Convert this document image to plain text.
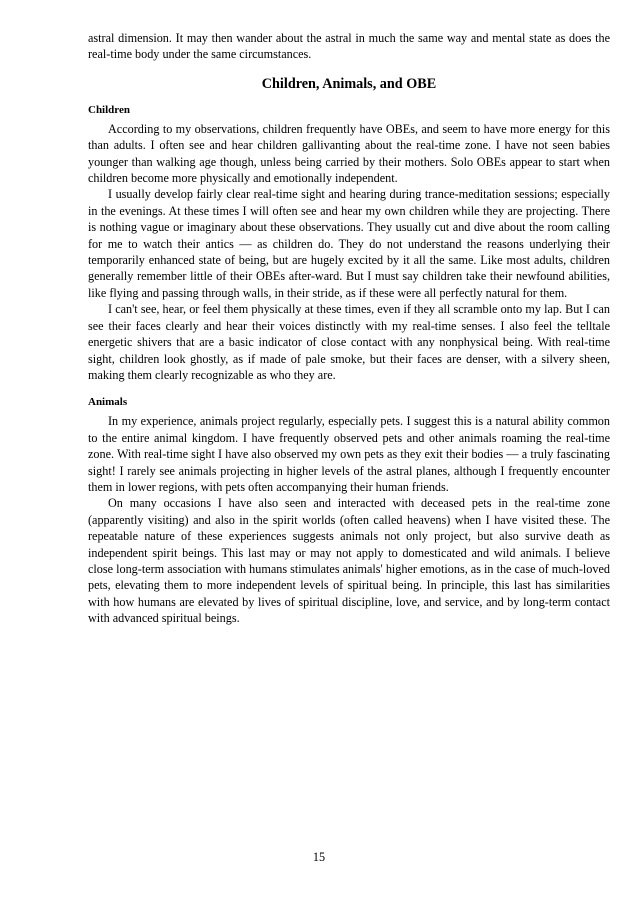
astral dimension. It may then wander about the astral in much the same way and mental state as does the real-time body under the same circumstances.

Children, Animals, and OBE
Children

According to my observations, children frequently have OBEs, and seem to have more energy for this than adults. I often see and hear children gallivanting about the real-time zone. I have not seen babies younger than walking age though, unless being carried by their mothers. Solo OBEs appear to start when children become more physically and emotionally independent.

I usually develop fairly clear real-time sight and hearing during trance-meditation sessions; especially in the evenings. At these times I will often see and hear my own children while they are projecting. There is nothing vague or imaginary about these observations. They usually cut and dive about the room calling for me to watch their antics — as children do. They do not understand the reasons underlying their temporarily enhanced state of being, but are hugely excited by it all the same. Like most adults, children generally remember little of their OBEs after-ward. But I must say children take their newfound abilities, like flying and passing through walls, in their stride, as if these were all perfectly natural for them.

I can't see, hear, or feel them physically at these times, even if they all scramble onto my lap. But I can see their faces clearly and hear their voices distinctly with my real-time senses. I also feel the telltale energetic shivers that are a basic indicator of close contact with any nonphysical being. With real-time sight, children look ghostly, as if made of pale smoke, but their faces are denser, with a silvery sheen, making them clearly recognizable as who they are.

Animals

In my experience, animals project regularly, especially pets. I suggest this is a natural ability common to the entire animal kingdom. I have frequently observed pets and other animals roaming the real-time zone. With real-time sight I have also observed my own pets as they exit their bodies — a truly fascinating sight! I rarely see animals projecting in higher levels of the astral planes, although I frequently encounter them in lower regions, with pets often accompanying their human friends.

On many occasions I have also seen and interacted with deceased pets in the real-time zone (apparently visiting) and also in the spirit worlds (often called heavens) when I have visited these. The repeatable nature of these experiences suggests animals not only project, but also survive death as independent spirit beings. This last may or may not apply to domesticated and wild animals. I believe close long-term association with humans stimulates animals' higher emotions, as in the case of much-loved pets, elevating them to more independent levels of spiritual being. In principle, this last has similarities with how humans are elevated by lives of spiritual discipline, love, and service, and by long-term contact with advanced spiritual beings.

15
